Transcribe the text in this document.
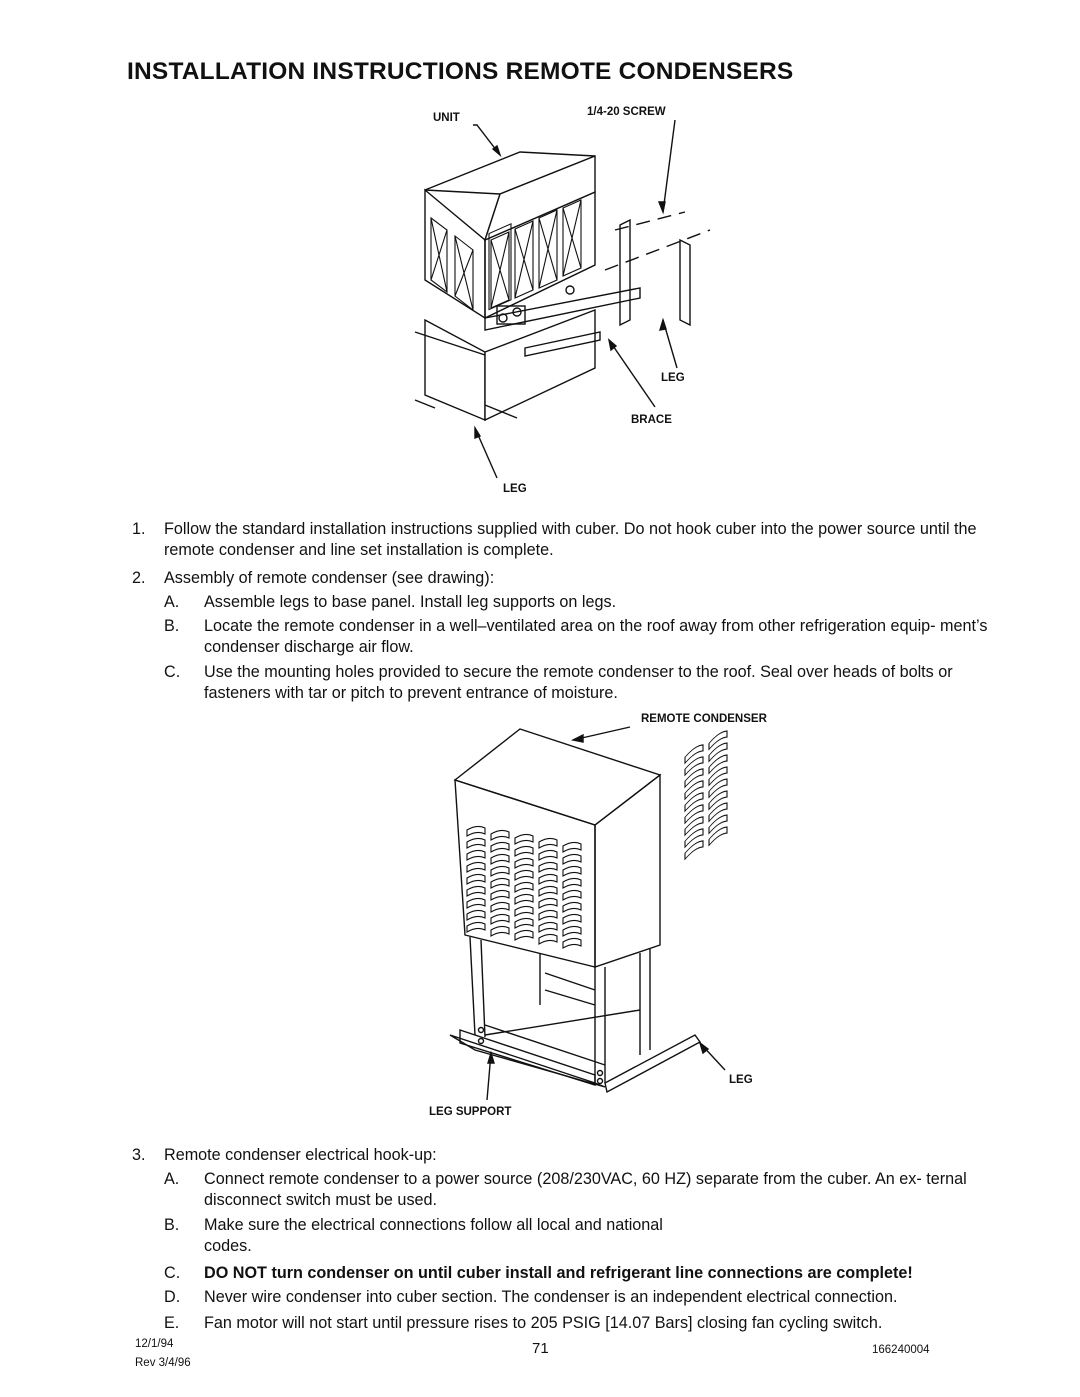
INSTALLATION INSTRUCTIONS REMOTE CONDENSERS
UNIT	1/4-20 SCREW
LEG
BRACE
LEG
1. Follow the standard installation instructions supplied with cuber. Do not hook cuber into the power source until the remote condenser and line set installation is complete.
2. Assembly of remote condenser (see drawing):
A. Assemble legs to base panel. Install leg supports on legs.
B. Locate the remote condenser in a well–ventilated area on the roof away from other refrigeration equip- ment’s condenser discharge air flow.
C. Use the mounting holes provided to secure the remote condenser to the roof. Seal over heads of bolts or fasteners with tar or pitch to prevent entrance of moisture.
REMOTE CONDENSER
LEG
LEG SUPPORT
3. Remote condenser electrical hook-up:
A. Connect remote condenser to a power source (208/230VAC, 60 HZ) separate from the cuber. An ex- ternal disconnect switch must be used.
B. Make sure the electrical connections follow all local and national codes.
C. DO NOT turn condenser on until cuber install and refrigerant line connections are complete!
D. Never wire condenser into cuber section. The condenser is an independent electrical connection.
E. Fan motor will not start until pressure rises to 205 PSIG [14.07 Bars] closing fan cycling switch.
12/1/94
Rev 3/4/96
71	166240004
